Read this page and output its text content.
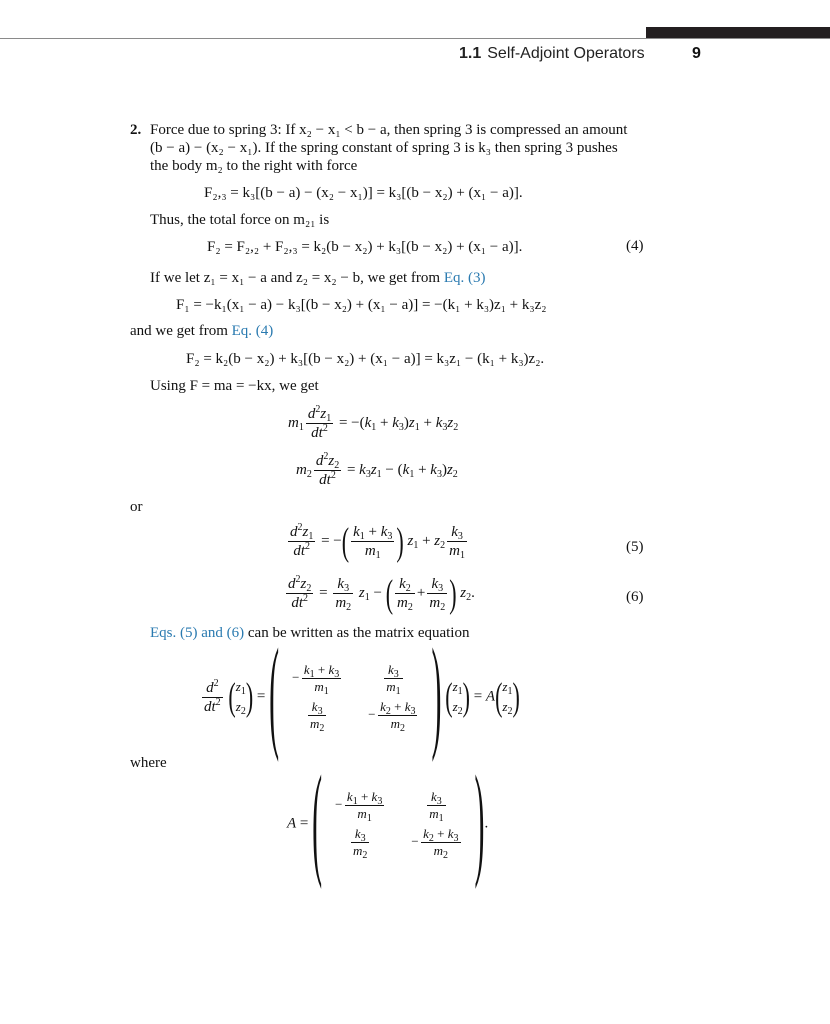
1.1 Self-Adjoint Operators	9
2. Force due to spring 3: If x₂ − x₁ < b − a, then spring 3 is compressed an amount
(b − a) − (x₂ − x₁). If the spring constant of spring 3 is k₃ then spring 3 pushes
the body m₂ to the right with force
F₂,₃ = k₃[(b − a) − (x₂ − x₁)] = k₃[(b − x₂) + (x₁ − a)].
Thus, the total force on m₂₁ is
F₂ = F₂,₂ + F₂,₃ = k₂(b − x₂) + k₃[(b − x₂) + (x₁ − a)].	(4)
If we let z₁ = x₁ − a and z₂ = x₂ − b, we get from Eq. (3)
F₁ = −k₁(x₁ − a) − k₃[(b − x₂) + (x₁ − a)] = −(k₁ + k₃)z₁ + k₃z₂
and we get from Eq. (4)
F₂ = k₂(b − x₂) + k₃[(b − x₂) + (x₁ − a)] = k₃z₁ − (k₁ + k₃)z₂.
Using F = ma = −kx, we get
$m_1 \frac{d^2z_1}{dt^2} = -(k_1 + k_3)z_1 + k_3z_2$
$m_2 \frac{d^2z_2}{dt^2} = k_3z_1 - (k_1 + k_3)z_2$
or
$\frac{d^2z_1}{dt^2}$ = −( $\frac{k_1 + k_3}{m_1}$ ) $z_1 + z_2 \frac{k_3}{m_1}$	(5)
$\frac{d^2z_2}{dt^2} = \frac{k_3}{m_2} z_1$ − ( $\frac{k_2}{m_2} + \frac{k_3}{m_2}$ ) $z_2$.	(6)
Eqs. (5) and (6) can be written as the matrix equation
$\frac{d^2}{dt^2} (z_1$
$z_2$) = ( − $\frac{k_1 + k_3}{m_1}$	$\frac{k_3}{m_1}$

$\frac{k_3}{m_2}$	− $\frac{k_2 + k_3}{m_2}$ ) ($z_1$
$z_2) = A(z_1$
$z_2$)
where
A = ( − $\frac{k_1 + k_3}{m_1}$	$\frac{k_3}{m_1}$

$\frac{k_3}{m_2}$	− $\frac{k_2 + k_3}{m_2}$ ).
